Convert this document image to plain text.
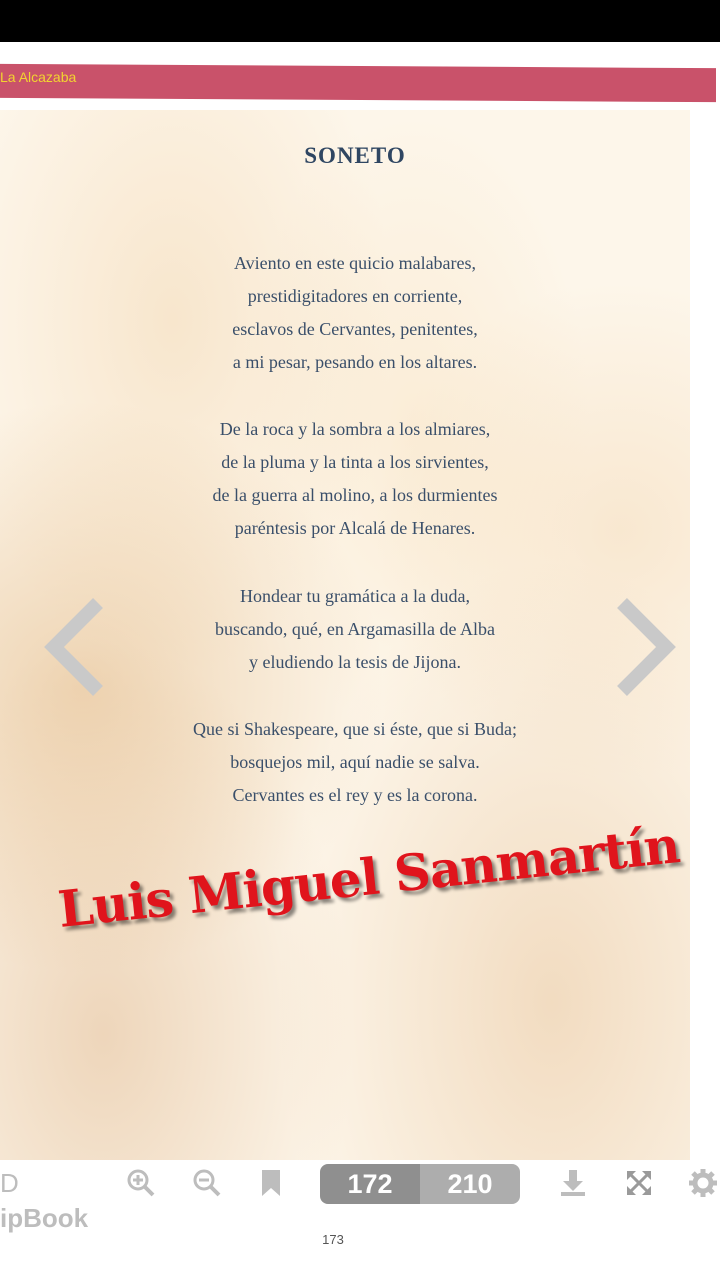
La Alcazaba
SONETO
Aviento en este quicio malabares,
prestidigitadores en corriente,
esclavos de Cervantes, penitentes,
a mi pesar, pesando en los altares.
De la roca y la sombra a los almiares,
de la pluma y la tinta a los sirvientes,
de la guerra al molino, a los durmientes
paréntesis por Alcalá de Henares.
Hondear tu gramática a la duda,
buscando, qué, en Argamasilla de Alba
y eludiendo la tesis de Jijona.
Que si Shakespeare, que si éste, que si Buda;
bosquejos mil, aquí nadie se salva.
Cervantes es el rey y es la corona.
Luis Miguel Sanmartín
172	210
D
ipBook
173
